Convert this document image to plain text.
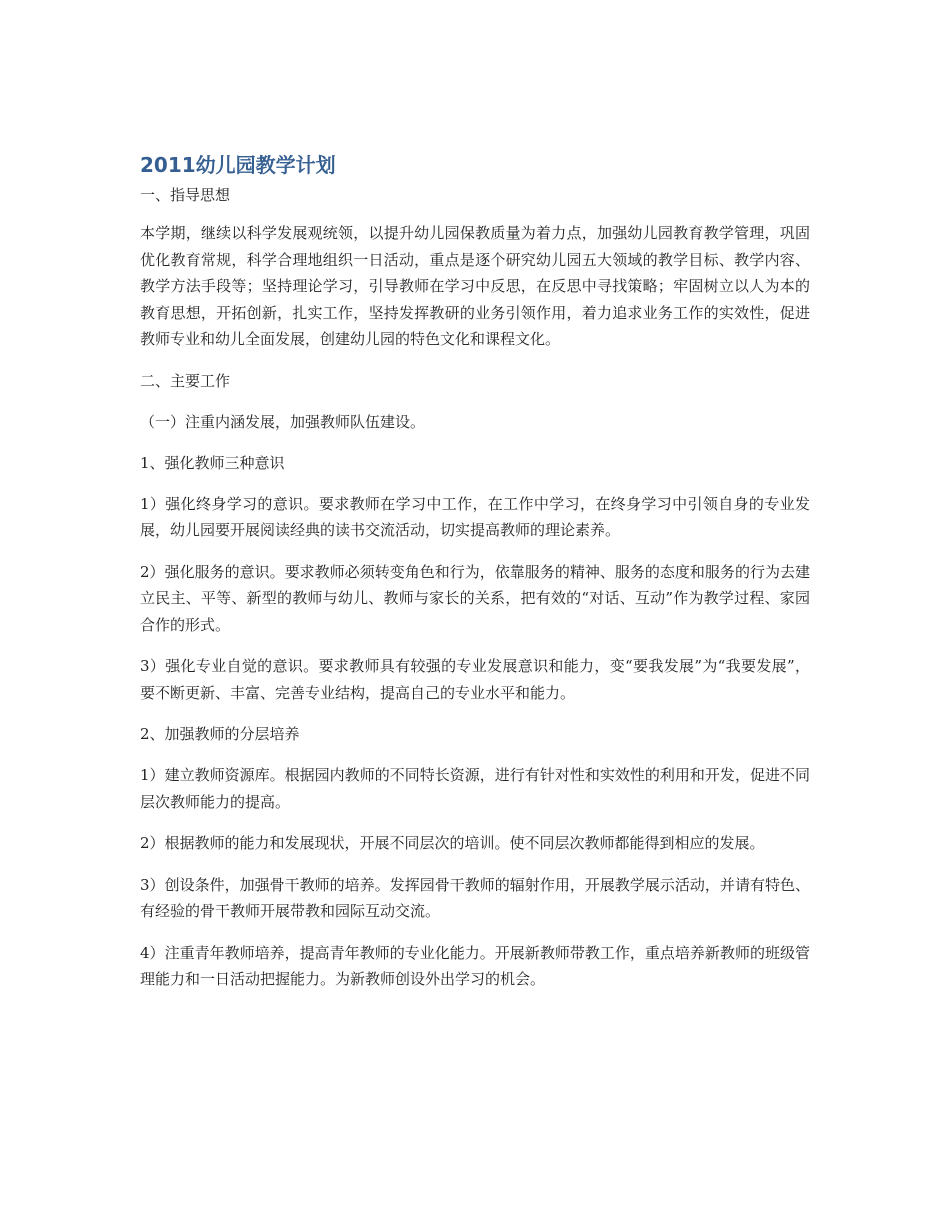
2011幼儿园教学计划
一、指导思想
本学期，继续以科学发展观统领，以提升幼儿园保教质量为着力点，加强幼儿园教育教学管理，巩固优化教育常规，科学合理地组织一日活动，重点是逐个研究幼儿园五大领域的教学目标、教学内容、教学方法手段等；坚持理论学习，引导教师在学习中反思，在反思中寻找策略；牢固树立以人为本的教育思想，开拓创新，扎实工作，坚持发挥教研的业务引领作用，着力追求业务工作的实效性，促进教师专业和幼儿全面发展，创建幼儿园的特色文化和课程文化。
二、主要工作
（一）注重内涵发展，加强教师队伍建设。
1、强化教师三种意识
1）强化终身学习的意识。要求教师在学习中工作，在工作中学习，在终身学习中引领自身的专业发展，幼儿园要开展阅读经典的读书交流活动，切实提高教师的理论素养。
2）强化服务的意识。要求教师必须转变角色和行为，依靠服务的精神、服务的态度和服务的行为去建立民主、平等、新型的教师与幼儿、教师与家长的关系，把有效的“对话、互动”作为教学过程、家园合作的形式。
3）强化专业自觉的意识。要求教师具有较强的专业发展意识和能力，变“要我发展”为“我要发展”，要不断更新、丰富、完善专业结构，提高自己的专业水平和能力。
2、加强教师的分层培养
1）建立教师资源库。根据园内教师的不同特长资源，进行有针对性和实效性的利用和开发，促进不同层次教师能力的提高。
2）根据教师的能力和发展现状，开展不同层次的培训。使不同层次教师都能得到相应的发展。
3）创设条件，加强骨干教师的培养。发挥园骨干教师的辐射作用，开展教学展示活动，并请有特色、有经验的骨干教师开展带教和园际互动交流。
4）注重青年教师培养，提高青年教师的专业化能力。开展新教师带教工作，重点培养新教师的班级管理能力和一日活动把握能力。为新教师创设外出学习的机会。
